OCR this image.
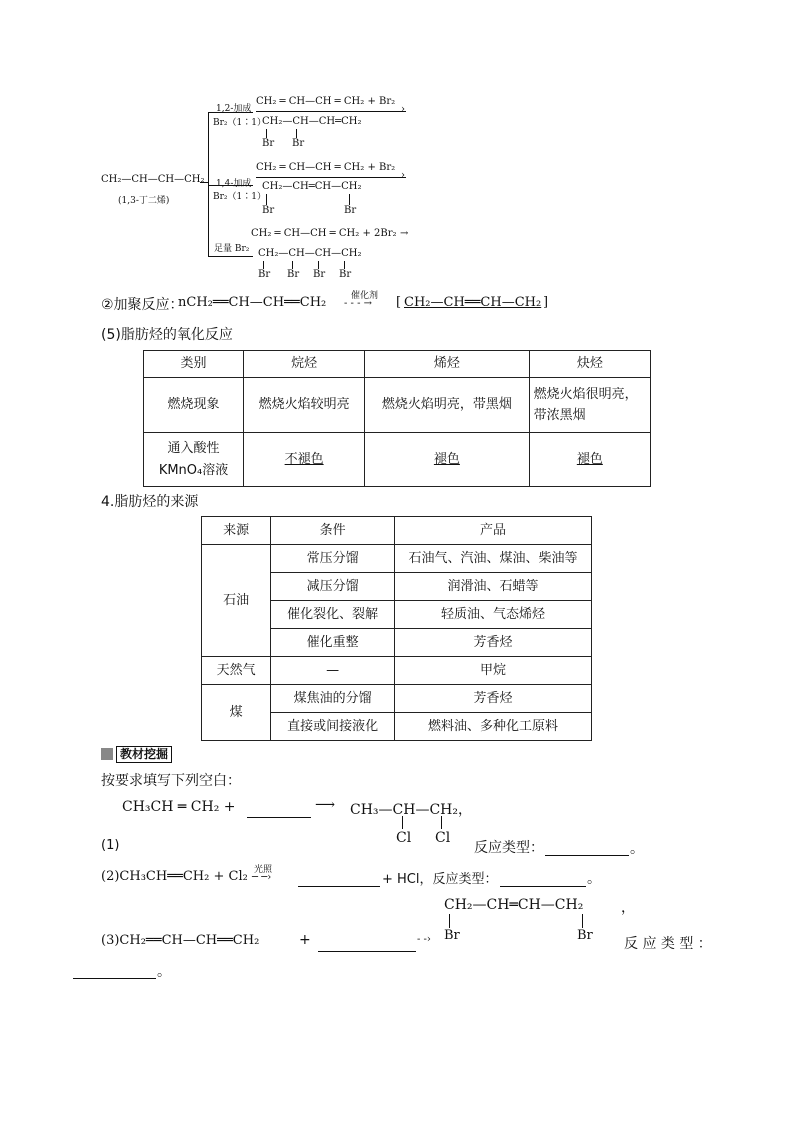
CH₂—CH—CH—CH₂
(1,3-丁二烯)
1,2-加成
Br₂（1∶1）
CH₂ ═ CH—CH ═ CH₂ + Br₂
›
CH₂—CH—CH═CH₂
Br Br
1,4-加成
Br₂（1∶1）
CH₂ ═ CH—CH ═ CH₂ + Br₂
›
CH₂—CH═CH—CH₂
Br	Br
足量 Br₂
CH₂ ═ CH—CH ═ CH₂ + 2Br₂ →
CH₂—CH—CH—CH₂
Br Br Br Br
②加聚反应：
nCH₂══CH—CH══CH₂	催化剂
- - - → [ CH₂—CH══CH—CH₂ ]
(5)脂肪烃的氧化反应
类别	烷烃	烯烃	炔烃
燃烧现象	燃烧火焰较明亮	燃烧火焰明亮，带黑烟	燃烧火焰很明亮，
带浓黑烟
通入酸性
KMnO₄溶液	不褪色	褪色	褪色
4.脂肪烃的来源
来源	条件	产品
石油	常压分馏	石油气、汽油、煤油、柴油等
	减压分馏	润滑油、石蜡等
	催化裂化、裂解	轻质油、气态烯烃
	催化重整	芳香烃
天然气	—	甲烷
煤	煤焦油的分馏	芳香烃
	直接或间接液化	燃料油、多种化工原料
教材挖掘
按要求填写下列空白：
CH₃CH ═ CH₂ +	⟶ CH₃—CH—CH₂，
Cl Cl
(1)	反应类型：	。
(2)CH₃CH══CH₂ + Cl₂ 光照
─ ─›	+ HCl，反应类型：	。
CH₂—CH═CH—CH₂	，
Br	Br
(3)CH₂══CH—CH══CH₂	+	- -›	反 应 类 型 ：
。
